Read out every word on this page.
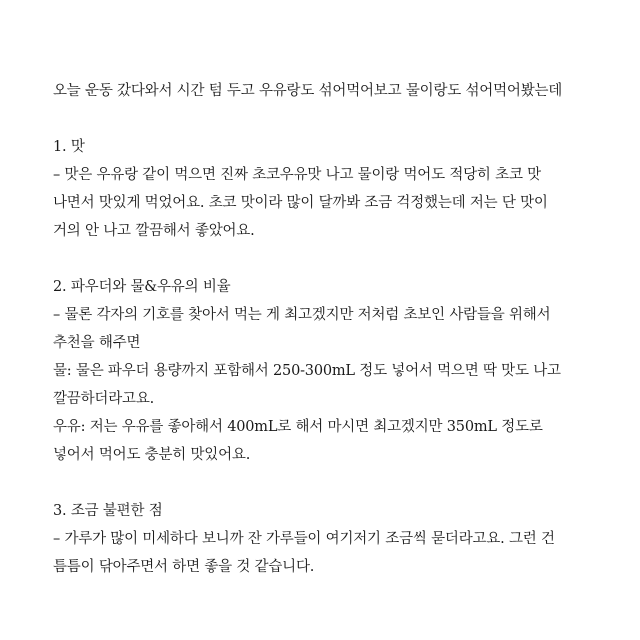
오늘 운동 갔다와서 시간 텀 두고 우유랑도 섞어먹어보고 물이랑도 섞어먹어봤는데
1. 맛
– 맛은 우유랑 같이 먹으면 진짜 초코우유맛 나고 물이랑 먹어도 적당히 초코 맛
나면서 맛있게 먹었어요. 초코 맛이라 많이 달까봐 조금 걱정했는데 저는 단 맛이
거의 안 나고 깔끔해서 좋았어요.
2. 파우더와 물&우유의 비율
– 물론 각자의 기호를 찾아서 먹는 게 최고겠지만 저처럼 초보인 사람들을 위해서
추천을 해주면
물: 물은 파우더 용량까지 포함해서 250-300mL 정도 넣어서 먹으면 딱 맛도 나고
깔끔하더라고요.
우유: 저는 우유를 좋아해서 400mL로 해서 마시면 최고겠지만 350mL 정도로
넣어서 먹어도 충분히 맛있어요.
3. 조금 불편한 점
– 가루가 많이 미세하다 보니까 잔 가루들이 여기저기 조금씩 묻더라고요. 그런 건
틈틈이 닦아주면서 하면 좋을 것 같습니다.
